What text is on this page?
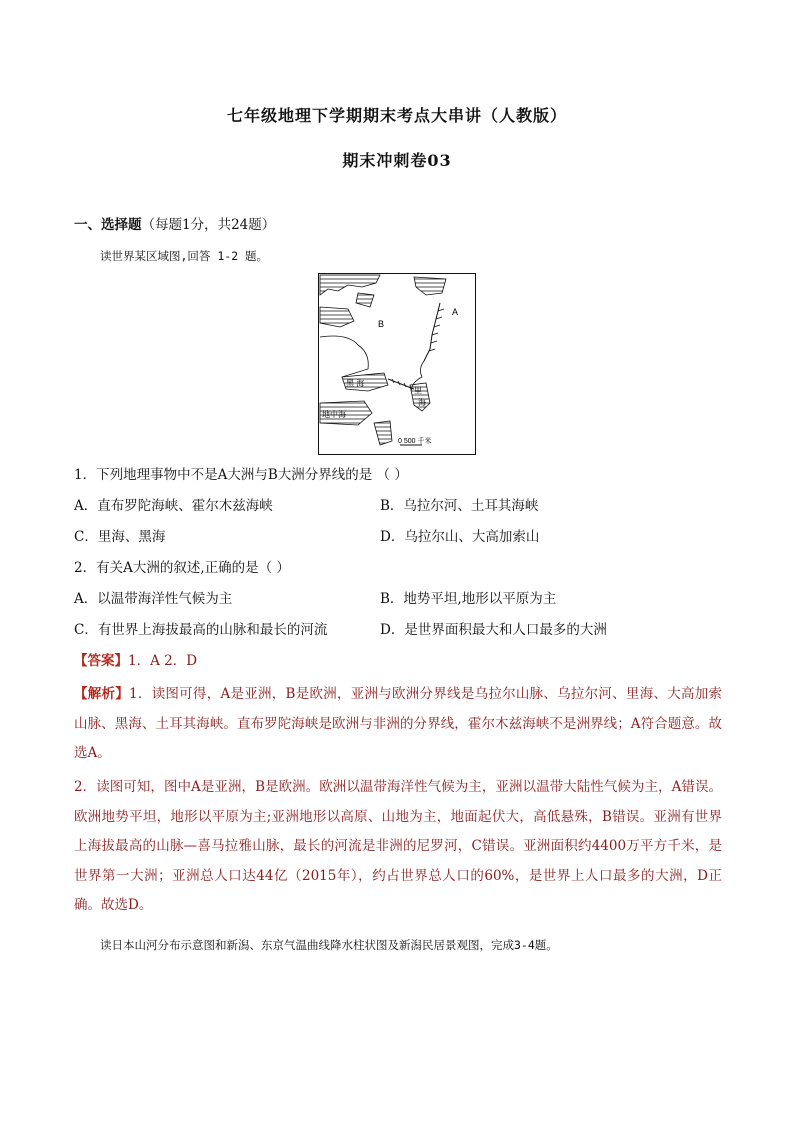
七年级地理下学期期末考点大串讲（人教版）
期末冲刺卷03
一、选择题（每题1分，共24题）
读世界某区域图,回答 1-2 题。
A
B
黑 海
里
海
地中海
0 500 千米
1．下列地理事物中不是A大洲与B大洲分界线的是 （ ）
A．直布罗陀海峡、霍尔木兹海峡	B．乌拉尔河、土耳其海峡
C．里海、黑海	D．乌拉尔山、大高加索山
2．有关A大洲的叙述,正确的是（ ）
A．以温带海洋性气候为主	B．地势平坦,地形以平原为主
C．有世界上海拔最高的山脉和最长的河流	D．是世界面积最大和人口最多的大洲
【答案】1．A 2．D
【解析】1．读图可得，A是亚洲，B是欧洲，亚洲与欧洲分界线是乌拉尔山脉、乌拉尔河、里海、大高加索山脉、黑海、土耳其海峡。直布罗陀海峡是欧洲与非洲的分界线，霍尔木兹海峡不是洲界线；A符合题意。故选A。
2．读图可知，图中A是亚洲，B是欧洲。欧洲以温带海洋性气候为主，亚洲以温带大陆性气候为主，A错误。欧洲地势平坦，地形以平原为主;亚洲地形以高原、山地为主，地面起伏大，高低悬殊，B错误。亚洲有世界上海拔最高的山脉—喜马拉雅山脉，最长的河流是非洲的尼罗河，C错误。亚洲面积约4400万平方千米，是世界第一大洲；亚洲总人口达44亿（2015年），约占世界总人口的60%，是世界上人口最多的大洲，D正确。故选D。
读日本山河分布示意图和新潟、东京气温曲线降水柱状图及新潟民居景观图，完成3-4题。
